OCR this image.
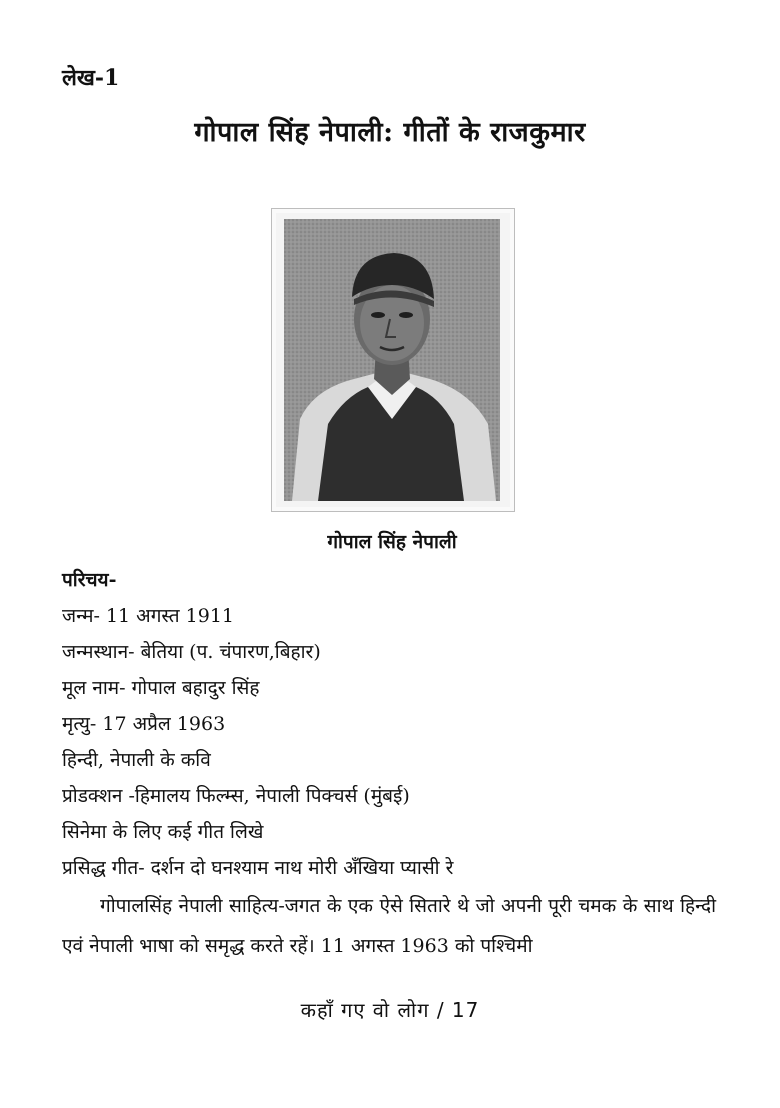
लेख-1
गोपाल सिंह नेपाली: गीतों के राजकुमार
गोपाल सिंह नेपाली
परिचय-
जन्म- 11 अगस्त 1911
जन्मस्थान- बेतिया (प. चंपारण,बिहार)
मूल नाम- गोपाल बहादुर सिंह
मृत्यु- 17 अप्रैल 1963
हिन्दी, नेपाली के कवि
प्रोडक्शन -हिमालय फिल्म्स, नेपाली पिक्चर्स (मुंबई)
सिनेमा के लिए कई गीत लिखे
प्रसिद्ध गीत- दर्शन दो घनश्याम नाथ मोरी अँखिया प्यासी रे

गोपालसिंह नेपाली साहित्य-जगत के एक ऐसे सितारे थे जो अपनी पूरी चमक के साथ हिन्दी एवं नेपाली भाषा को समृद्ध करते रहें। 11 अगस्त 1963 को पश्चिमी

कहाँ गए वो लोग / 17
